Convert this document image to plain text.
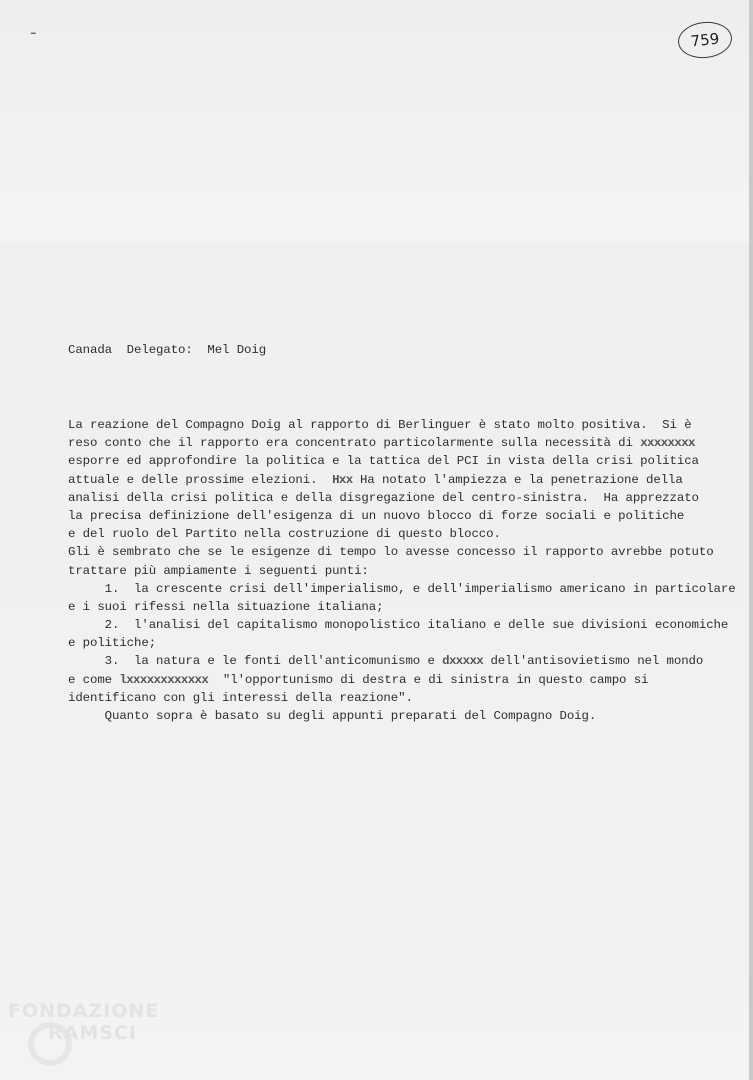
-	759

Canada  Delegato:  Mel Doig

La reazione del Compagno Doig al rapporto di Berlinguer è stato molto positiva.  Si è
reso conto che il rapporto era concentrato particolarmente sulla necessità di xxxxxxxx
esporre ed approfondire la politica e la tattica del PCI in vista della crisi politica
attuale e delle prossime elezioni.  Hxx Ha notato l'ampiezza e la penetrazione della
analisi della crisi politica e della disgregazione del centro-sinistra.  Ha apprezzato
la precisa definizione dell'esigenza di un nuovo blocco di forze sociali e politiche
e del ruolo del Partito nella costruzione di questo blocco.
Gli è sembrato che se le esigenze di tempo lo avesse concesso il rapporto avrebbe potuto
trattare più ampiamente i seguenti punti:
1.  la crescente crisi dell'imperialismo, e dell'imperialismo americano in particolare
e i suoi rifessi nella situazione italiana;
2.  l'analisi del capitalismo monopolistico italiano e delle sue divisioni economiche
e politiche;
3.  la natura e le fonti dell'anticomunismo e dxxxxx dell'antisovietismo nel mondo
e come lxxxxxxxxxxxx  "l'opportunismo di destra e di sinistra in questo campo si
identificano con gli interessi della reazione".
Quanto sopra è basato su degli appunti preparati del Compagno Doig.

FONDAZIONE
RAMSCI
